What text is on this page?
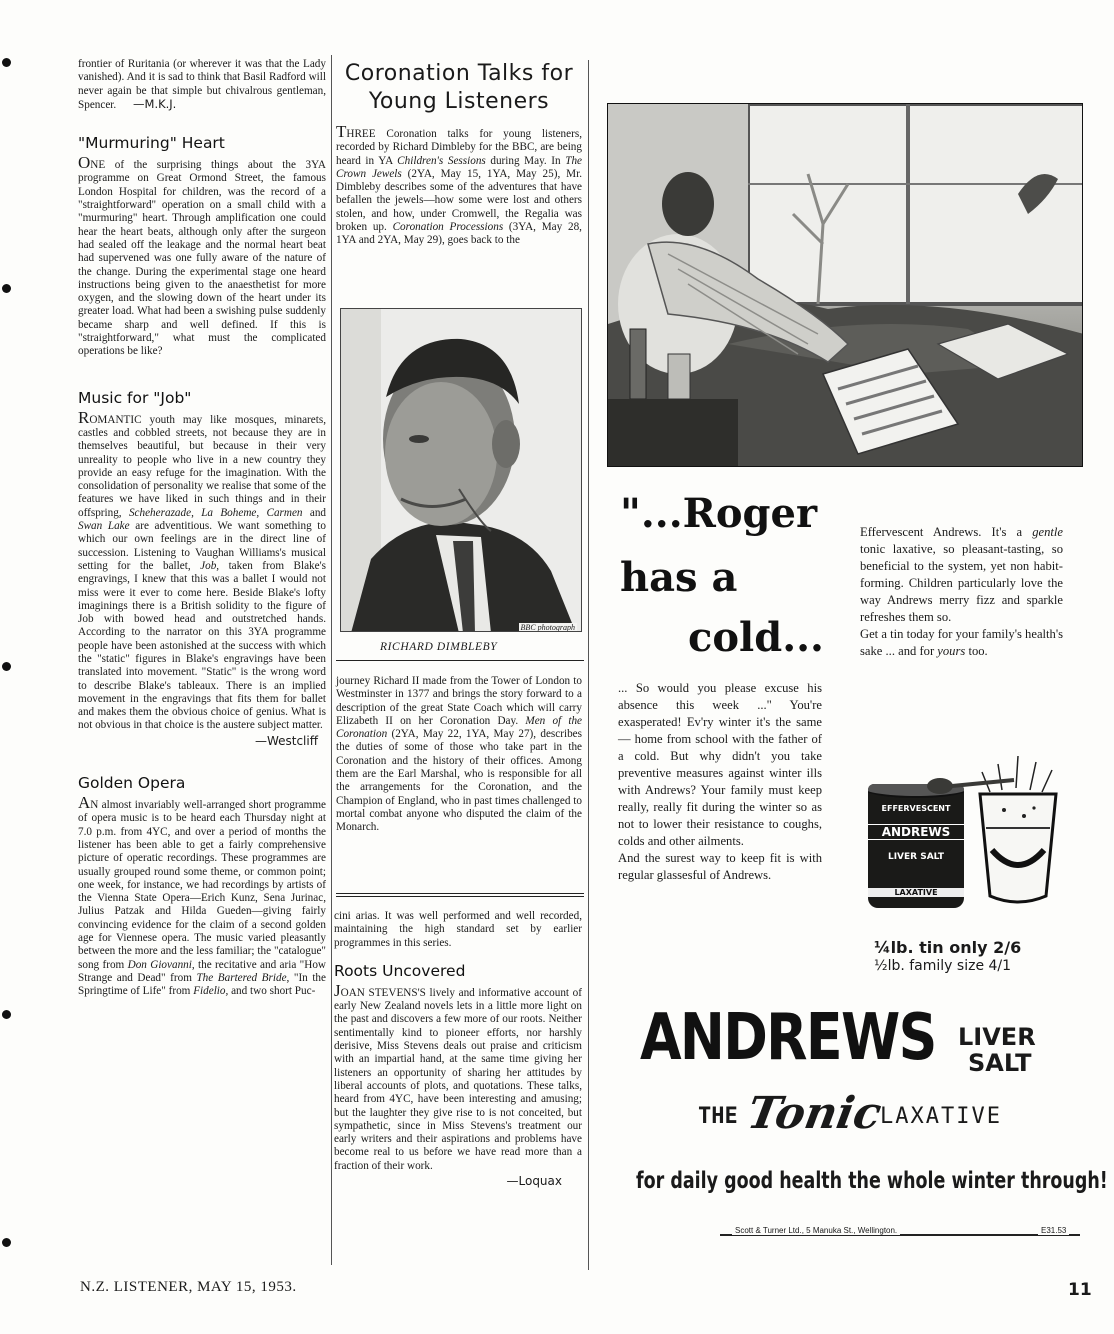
frontier of Ruritania (or wherever it was that the Lady vanished). And it is sad to think that Basil Radford will never again be that simple but chivalrous gentleman, Spencer. —M.K.J.

"Murmuring" Heart

ONE of the surprising things about the 3YA programme on Great Ormond Street, the famous London Hospital for children, was the record of a "straightforward" operation on a small child with a "murmuring" heart. Through amplification one could hear the heart beats, although only after the surgeon had sealed off the leakage and the normal heart beat had supervened was one fully aware of the nature of the change. During the experimental stage one heard instructions being given to the anaesthetist for more oxygen, and the slowing down of the heart under its greater load. What had been a swishing pulse suddenly became sharp and well defined. If this is "straightforward," what must the complicated operations be like?

Music for "Job"

ROMANTIC youth may like mosques, minarets, castles and cobbled streets, not because they are in themselves beautiful, but because in their very unreality to people who live in a new country they provide an easy refuge for the imagination. With the consolidation of personality we realise that some of the features we have liked in such things and in their offspring, Scheherazade, La Boheme, Carmen and Swan Lake are adventitious. We want something to which our own feelings are in the direct line of succession. Listening to Vaughan Williams's musical setting for the ballet, Job, taken from Blake's engravings, I knew that this was a ballet I would not miss were it ever to come here. Beside Blake's lofty imaginings there is a British solidity to the figure of Job with bowed head and outstretched hands. According to the narrator on this 3YA programme people have been astonished at the success with which the "static" figures in Blake's engravings have been translated into movement. "Static" is the wrong word to describe Blake's tableaux. There is an implied movement in the engravings that fits them for ballet and makes them the obvious choice of genius. What is not obvious in that choice is the austere subject matter.

—Westcliff
Golden Opera

AN almost invariably well-arranged short programme of opera music is to be heard each Thursday night at 7.0 p.m. from 4YC, and over a period of months the listener has been able to get a fairly comprehensive picture of operatic recordings. These programmes are usually grouped round some theme, or common point; one week, for instance, we had recordings by artists of the Vienna State Opera—Erich Kunz, Sena Jurinac, Julius Patzak and Hilda Gueden—giving fairly convincing evidence for the claim of a second golden age for Viennese opera. The music varied pleasantly between the more and the less familiar; the "catalogue" song from Don Giovanni, the recitative and aria "How Strange and Dead" from The Bartered Bride, "In the Springtime of Life" from Fidelio, and two short Puc-

Coronation Talks for
Young Listeners

THREE Coronation talks for young listeners, recorded by Richard Dimbleby for the BBC, are being heard in YA Children's Sessions during May. In The Crown Jewels (2YA, May 15, 1YA, May 25), Mr. Dimbleby describes some of the adventures that have befallen the jewels—how some were lost and others stolen, and how, under Cromwell, the Regalia was broken up. Coronation Processions (3YA, May 28, 1YA and 2YA, May 29), goes back to the

BBC photograph
RICHARD DIMBLEBY

journey Richard II made from the Tower of London to Westminster in 1377 and brings the story forward to a description of the great State Coach which will carry Elizabeth II on her Coronation Day. Men of the Coronation (2YA, May 22, 1YA, May 27), describes the duties of some of those who take part in the Coronation and the history of their offices. Among them are the Earl Marshal, who is responsible for all the arrangements for the Coronation, and the Champion of England, who in past times challenged to mortal combat anyone who disputed the claim of the Monarch.

cini arias. It was well performed and well recorded, maintaining the high standard set by earlier programmes in this series.

Roots Uncovered

JOAN STEVENS'S lively and informative account of early New Zealand novels lets in a little more light on the past and discovers a few more of our roots. Neither sentimentally kind to pioneer efforts, nor harshly derisive, Miss Stevens deals out praise and criticism with an impartial hand, at the same time giving her listeners an opportunity of sharing her attitudes by liberal accounts of plots, and quotations. These talks, heard from 4YC, have been interesting and amusing; but the laughter they give rise to is not conceited, but sympathetic, since in Miss Stevens's treatment our early writers and their aspirations and problems have become real to us before we have read more than a fraction of their work.

—Loquax
"...Roger
has a
cold...

... So would you please excuse his absence this week ..." You're exasperated! Ev'ry winter it's the same — home from school with the father of a cold. But why didn't you take preventive measures against winter ills with Andrews? Your family must keep really, really fit during the winter so as not to lower their resistance to coughs, colds and other ailments.

And the surest way to keep fit is with regular glassesful of Andrews.

Effervescent Andrews. It's a gentle tonic laxative, so pleasant-tasting, so beneficial to the system, yet non habit-forming. Children particularly love the way Andrews merry fizz and sparkle refreshes them so.

Get a tin today for your family's health's sake ... and for yours too.

EFFERVESCENT
ANDREWS
LIVER SALT
LAXATIVE
¼lb. tin only 2/6
½lb. family size 4/1
ANDREWS LIVER
SALT
THE Tonic
LAXATIVE
for daily good health the whole winter through!
Scott & Turner Ltd., 5 Manuka St., Wellington.	E31.53
N.Z. LISTENER, MAY 15, 1953.	11
